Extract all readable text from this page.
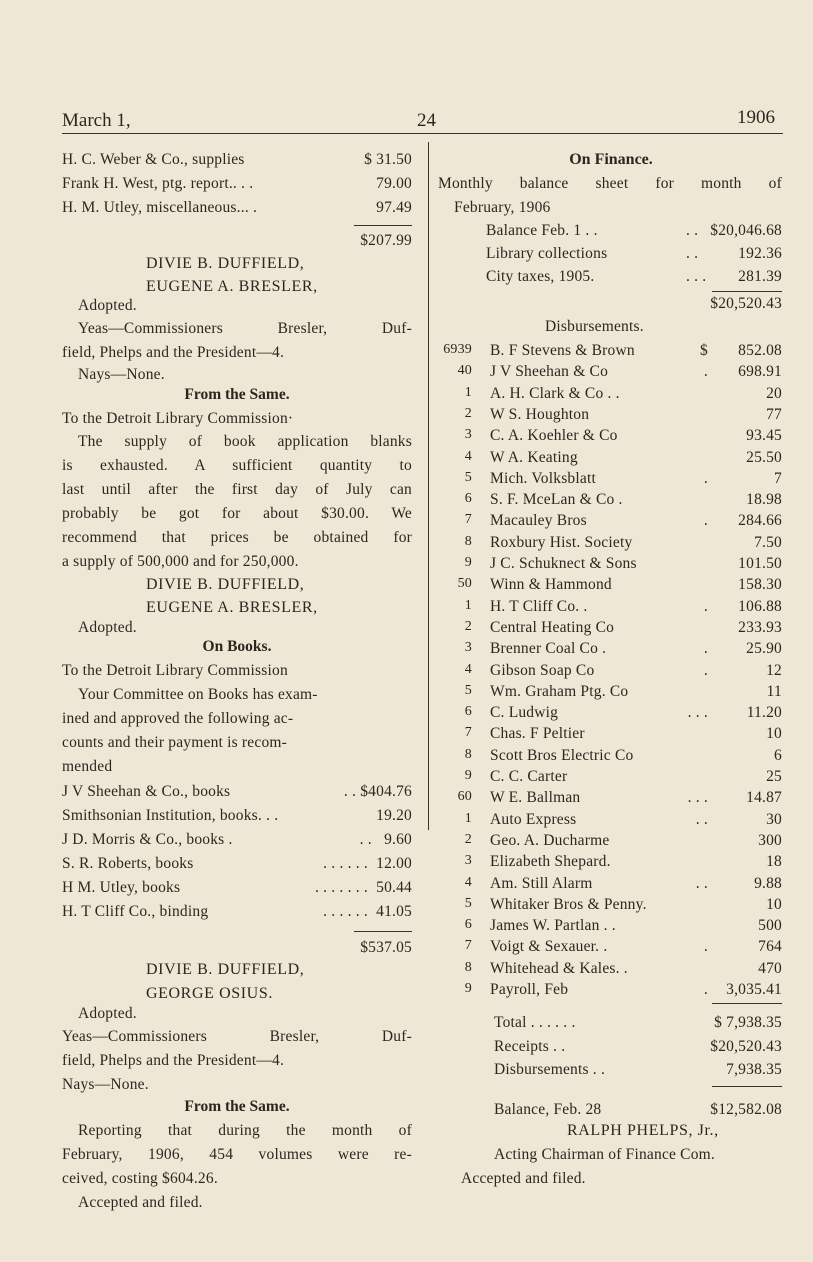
March 1,	24	1906
H. C. Weber & Co., supplies	$ 31.50
Frank H. West, ptg. report.. . .	79.00
H. M. Utley, miscellaneous... .	97.49
$207.99
DIVIE B. DUFFIELD,
EUGENE A. BRESLER,
Adopted.
Yeas—Commissioners	Bresler,	Duf-
field, Phelps and the President—4.
Nays—None.
From the Same.
To the Detroit Library Commission·
The supply of book application blanks
is exhausted. A sufficient quantity to
last until after the first day of July can
probably be got for about $30.00. We
recommend that prices be obtained for
a supply of 500,000 and for 250,000.
DIVIE B. DUFFIELD,
EUGENE A. BRESLER,
Adopted.
On Books.
To the Detroit Library Commission
Your Committee on Books has exam-
ined and approved the following ac-
counts and their payment is recom-
mended
J V Sheehan & Co., books	. . $404.76
Smithsonian Institution, books. . .	19.20
J D. Morris & Co., books .	. . 9.60
S. R. Roberts, books	. . . . . . 12.00
H M. Utley, books	. . . . . . . 50.44
H. T Cliff Co., binding	. . . . . . 41.05
$537.05
DIVIE B. DUFFIELD,
GEORGE OSIUS.
Adopted.
Yeas—Commissioners	Bresler,	Duf-
field, Phelps and the President—4.
Nays—None.
From the Same.
Reporting that during the month of
February, 1906, 454 volumes were re-
ceived, costing $604.26.
Accepted and filed.
On Finance.
Monthly balance sheet for month of
February, 1906
Balance Feb. 1 . .	. . $20,046.68
Library collections	. .	192.36
City taxes, 1905.	. . . 281.39
$20,520.43
Disbursements.
6939 B. F Stevens & Brown	$ 852.08
40 J V Sheehan & Co	. 698.91
1 A. H. Clark & Co . .	20
2 W S. Houghton	77
3 C. A. Koehler & Co	93.45
4 W A. Keating	25.50
5 Mich. Volksblatt	.	7
6 S. F. McеLan & Co .	18.98
7 Macauley Bros	. 284.66
8 Roxbury Hist. Society	7.50
9 J C. Schuknect & Sons	101.50
50 Winn & Hammond	158.30
1 H. T Cliff Co. .	. 106.88
2 Central Heating Co	233.93
3 Brenner Coal Co .	. 25.90
4 Gibson Soap Co	.	12
5 Wm. Graham Ptg. Co	11
6 C. Ludwig	. . . 11.20
7 Chas. F Peltier	10
8 Scott Bros Electric Co	6
9 C. C. Carter	25
60 W E. Ballman	. . . 14.87
1 Auto Express	. .	30
2 Geo. A. Ducharme	300
3 Elizabeth Shepard.	18
4 Am. Still Alarm	. .	9.88
5 Whitaker Bros & Penny.	10
6 James W. Partlan . .	500
7 Voigt & Sexauer. .	.	764
8 Whitehead & Kales. .	470
9 Payroll, Feb	. 3,035.41
Total . . . . . .	$ 7,938.35
Receipts . .	$20,520.43
Disbursements . .	7,938.35
Balance, Feb. 28	$12,582.08
RALPH PHELPS, Jr.,
Acting Chairman of Finance Com.
Accepted and filed.
